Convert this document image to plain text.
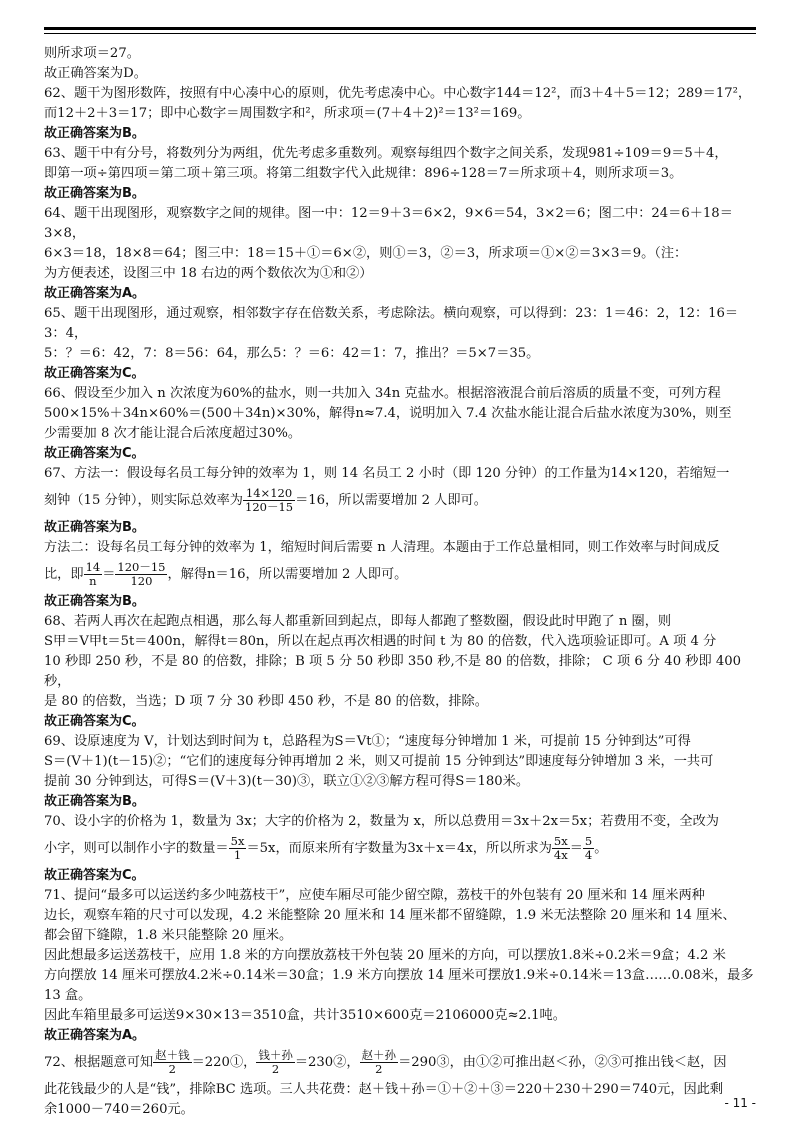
则所求项＝27。

故正确答案为D。

62、题干为图形数阵，按照有中心凑中心的原则，优先考虑凑中心。中心数字144＝12²，而3＋4＋5＝12；289＝17²，

而12＋2＋3＝17；即中心数字＝周围数字和²，所求项＝(7＋4＋2)²＝13²＝169。

故正确答案为B。

63、题干中有分号，将数列分为两组，优先考虑多重数列。观察每组四个数字之间关系，发现981÷109＝9＝5＋4，

即第一项÷第四项＝第二项＋第三项。将第二组数字代入此规律：896÷128＝7＝所求项＋4，则所求项＝3。

故正确答案为B。

64、题干出现图形，观察数字之间的规律。图一中：12＝9＋3＝6×2，9×6＝54，3×2＝6；图二中：24＝6＋18＝3×8，

6×3＝18，18×8＝64；图三中：18＝15＋①＝6×②，则①＝3，②＝3，所求项＝①×②＝3×3＝9。（注：

为方便表述，设图三中 18 右边的两个数依次为①和②）

故正确答案为A。

65、题干出现图形，通过观察，相邻数字存在倍数关系，考虑除法。横向观察，可以得到：23：1＝46：2，12：16＝3：4，

5：？＝6：42，7：8＝56：64，那么5：？＝6：42＝1：7，推出？＝5×7＝35。

故正确答案为C。

66、假设至少加入 n 次浓度为60%的盐水，则一共加入 34n 克盐水。根据溶液混合前后溶质的质量不变，可列方程

500×15%＋34n×60%＝(500＋34n)×30%，解得n≈7.4，说明加入 7.4 次盐水能让混合后盐水浓度为30%，则至

少需要加 8 次才能让混合后浓度超过30%。

故正确答案为C。

67、方法一：假设每名员工每分钟的效率为 1，则 14 名员工 2 小时（即 120 分钟）的工作量为14×120，若缩短一

刻钟（15 分钟），则实际总效率为 $\frac{14\times 120}{120-15} =16$，所以需要增加 2 人即可。

故正确答案为B。

方法二：设每名员工每分钟的效率为 1，缩短时间后需要 n 人清理。本题由于工作总量相同，则工作效率与时间成反

比，即 $\frac{14}{n} = \frac{120-15}{120}$ ，解得n＝16，所以需要增加 2 人即可。

故正确答案为B。

68、若两人再次在起跑点相遇，那么每人都重新回到起点，即每人都跑了整数圈，假设此时甲跑了 n 圈，则

S甲＝V甲t＝5t＝400n，解得t＝80n，所以在起点再次相遇的时间 t 为 80 的倍数，代入选项验证即可。A 项 4 分

10 秒即 250 秒，不是 80 的倍数，排除；B 项 5 分 50 秒即 350 秒,不是 80 的倍数，排除； C 项 6 分 40 秒即 400 秒，

是 80 的倍数，当选；D 项 7 分 30 秒即 450 秒，不是 80 的倍数，排除。

故正确答案为C。

69、设原速度为 V，计划达到时间为 t，总路程为S＝Vt①；“速度每分钟增加 1 米，可提前 15 分钟到达”可得

S＝(V＋1)(t－15)②；“它们的速度每分钟再增加 2 米，则又可提前 15 分钟到达”即速度每分钟增加 3 米，一共可

提前 30 分钟到达，可得S＝(V＋3)(t－30)③，联立①②③解方程可得S＝180米。

故正确答案为B。

70、设小字的价格为 1，数量为 3x；大字的价格为 2，数量为 x，所以总费用＝3x＋2x＝5x；若费用不变，全改为

小字，则可以制作小字的数量＝ $\frac{5x}{1} =5x$，而原来所有字数量为3x＋x＝4x，所以所求为 $\frac{5x}{4x} = \frac{5}{4}$ 。

故正确答案为C。

71、提问“最多可以运送约多少吨荔枝干”，应使车厢尽可能少留空隙，荔枝干的外包装有 20 厘米和 14 厘米两种

边长，观察车箱的尺寸可以发现，4.2 米能整除 20 厘米和 14 厘米都不留缝隙，1.9 米无法整除 20 厘米和 14 厘米、

都会留下缝隙，1.8 米只能整除 20 厘米。

因此想最多运送荔枝干，应用 1.8 米的方向摆放荔枝干外包装 20 厘米的方向，可以摆放1.8米÷0.2米＝9盒；4.2 米

方向摆放 14 厘米可摆放4.2米÷0.14米＝30盒；1.9 米方向摆放 14 厘米可摆放1.9米÷0.14米＝13盒……0.08米，最多

13 盒。

因此车箱里最多可运送9×30×13＝3510盒，共计3510×600克＝2106000克≈2.1吨。

故正确答案为A。

72、根据题意可知 $\frac{\text{赵＋钱}}{2}$ ＝220①， $\frac{\text{钱＋孙}}{2}$ ＝230②， $\frac{\text{赵＋孙}}{2}$ ＝290③，由①②可推出赵＜孙，②③可推出钱＜赵，因

此花钱最少的人是“钱”，排除BC 选项。三人共花费：赵＋钱＋孙＝①＋②＋③＝220＋230＋290＝740元，因此剩

余1000－740＝260元。	- 11 -
